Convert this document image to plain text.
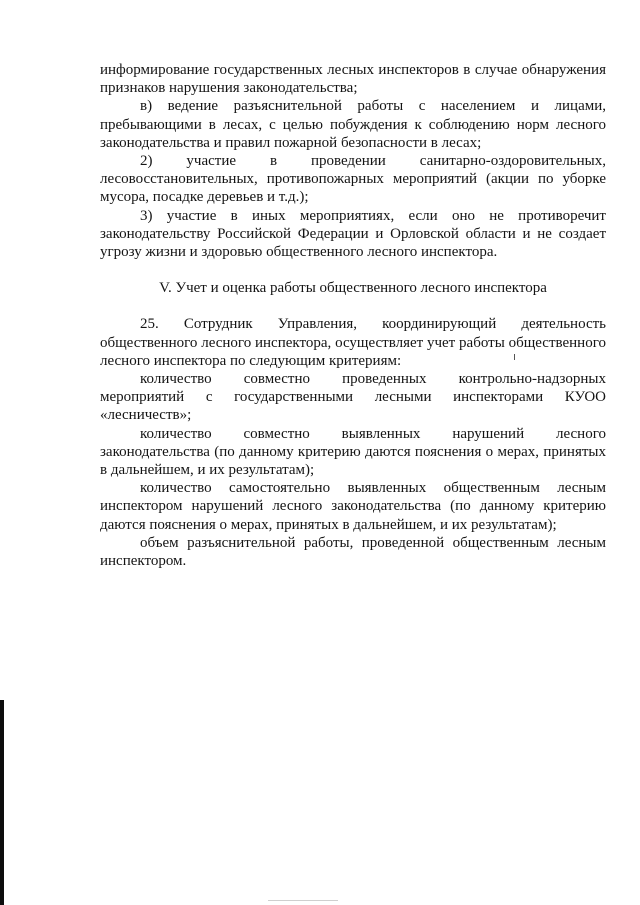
информирование государственных лесных инспекторов в случае обнаружения признаков нарушения законодательства;

в) ведение разъяснительной работы с населением и лицами, пребывающими в лесах, с целью побуждения к соблюдению норм лесного законодательства и правил пожарной безопасности в лесах;

2) участие в проведении санитарно-оздоровительных, лесовосстановительных, противопожарных мероприятий (акции по уборке мусора, посадке деревьев и т.д.);

3) участие в иных мероприятиях, если оно не противоречит законодательству Российской Федерации и Орловской области и не создает угрозу жизни и здоровью общественного лесного инспектора.

V. Учет и оценка работы общественного лесного инспектора

25. Сотрудник Управления, координирующий деятельность общественного лесного инспектора, осуществляет учет работы общественного лесного инспектора по следующим критериям:

количество совместно проведенных контрольно-надзорных мероприятий с государственными лесными инспекторами КУОО «лесничеств»;

количество совместно выявленных нарушений лесного законодательства (по данному критерию даются пояснения о мерах, принятых в дальнейшем, и их результатам);

количество самостоятельно выявленных общественным лесным инспектором нарушений лесного законодательства (по данному критерию даются пояснения о мерах, принятых в дальнейшем, и их результатам);

объем разъяснительной работы, проведенной общественным лесным инспектором.
